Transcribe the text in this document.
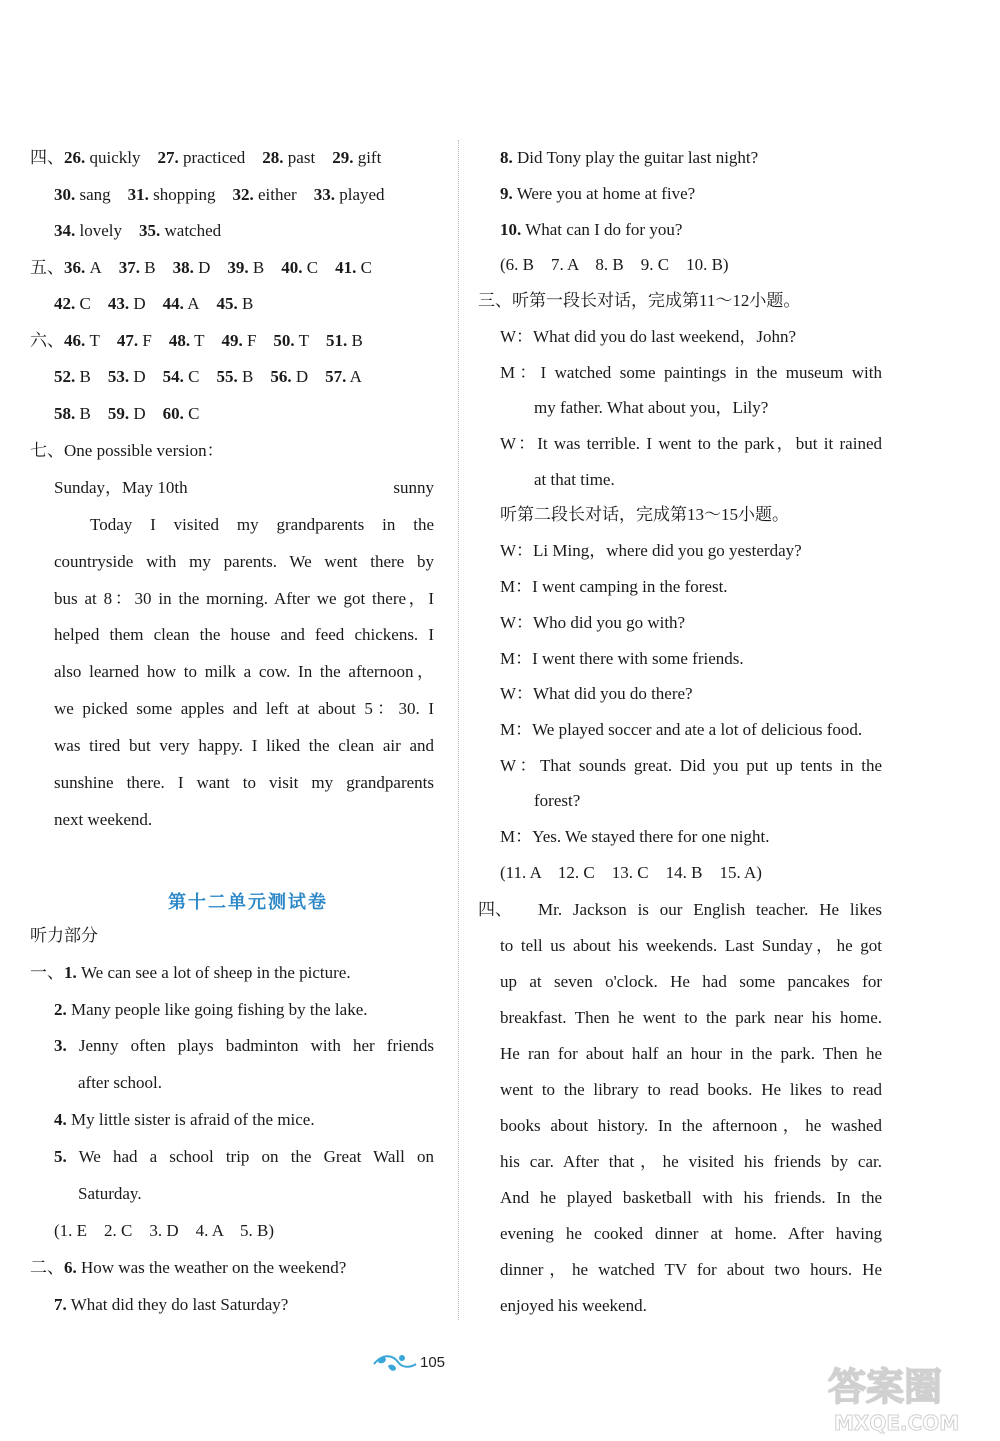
四、26. quickly 27. practiced 28. past 29. gift
30. sang 31. shopping 32. either 33. played
34. lovely 35. watched
五、36. A 37. B 38. D 39. B 40. C 41. C
42. C 43. D 44. A 45. B
六、46. T 47. F 48. T 49. F 50. T 51. B
52. B 53. D 54. C 55. B 56. D 57. A
58. B 59. D 60. C
七、One possible version：
Sunday，May 10th	sunny
Today I visited my grandparents in the
countryside with my parents. We went there by
bus at 8：30 in the morning. After we got there，I
helped them clean the house and feed chickens. I
also learned how to milk a cow. In the afternoon，
we picked some apples and left at about 5：30. I
was tired but very happy. I liked the clean air and
sunshine there. I want to visit my grandparents
next weekend.
第十二单元测试卷
听力部分
一、1. We can see a lot of sheep in the picture.
2. Many people like going fishing by the lake.
3. Jenny often plays badminton with her friends
after school.
4. My little sister is afraid of the mice.
5. We had a school trip on the Great Wall on
Saturday.
(1. E　2. C　3. D　4. A　5. B)
二、6. How was the weather on the weekend?
7. What did they do last Saturday?
8. Did Tony play the guitar last night?
9. Were you at home at five?
10. What can I do for you?
(6. B　7. A　8. B　9. C　10. B)
三、听第一段长对话，完成第11～12小题。
W：What did you do last weekend，John?
M：I watched some paintings in the museum with
my father. What about you，Lily?
W：It was terrible. I went to the park，but it rained
at that time.
听第二段长对话，完成第13～15小题。
W：Li Ming，where did you go yesterday?
M：I went camping in the forest.
W：Who did you go with?
M：I went there with some friends.
W：What did you do there?
M：We played soccer and ate a lot of delicious food.
W：That sounds great. Did you put up tents in the
forest?
M：Yes. We stayed there for one night.
(11. A　12. C　13. C　14. B　15. A)
四、 Mr. Jackson is our English teacher. He likes
to tell us about his weekends. Last Sunday，he got
up at seven o'clock. He had some pancakes for
breakfast. Then he went to the park near his home.
He ran for about half an hour in the park. Then he
went to the library to read books. He likes to read
books about history. In the afternoon，he washed
his car. After that，he visited his friends by car.
And he played basketball with his friends. In the
evening he cooked dinner at home. After having
dinner，he watched TV for about two hours. He
enjoyed his weekend.
105
答案圈
MXQE.COM
